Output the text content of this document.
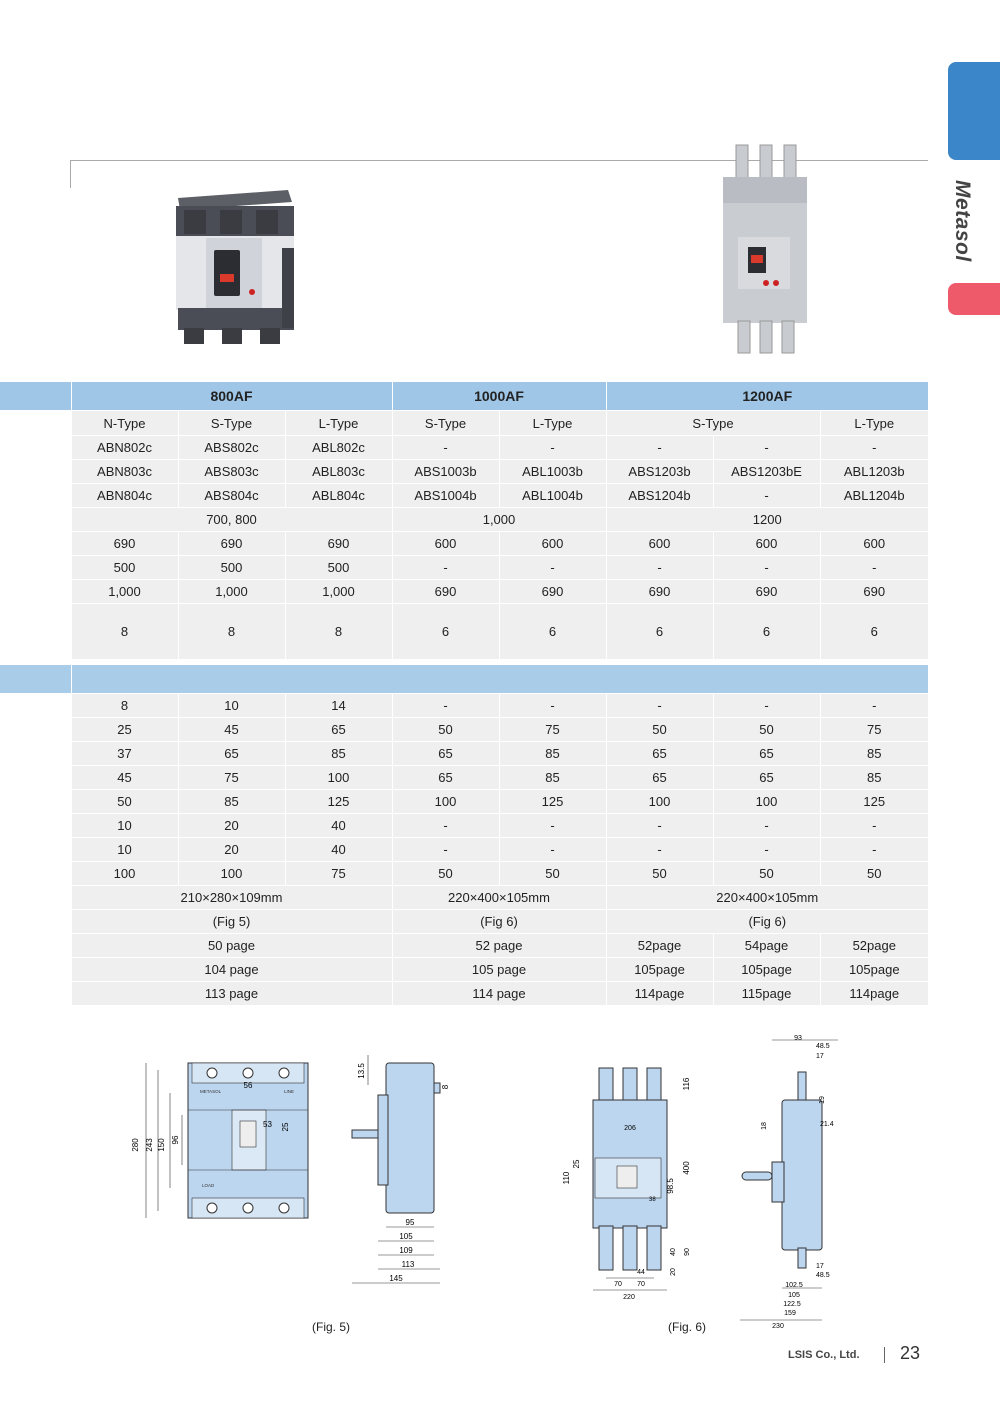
Metasol
	800AF			1000AF		1200AF		
	N-Type	S-Type	L-Type	S-Type	L-Type	S-Type		L-Type
	ABN802c	ABS802c	ABL802c	-	-	-	-	-
	ABN803c	ABS803c	ABL803c	ABS1003b	ABL1003b	ABS1203b	ABS1203bE	ABL1203b
	ABN804c	ABS804c	ABL804c	ABS1004b	ABL1004b	ABS1204b	-	ABL1204b
	700, 800			1,000		1200		
	690	690	690	600	600	600	600	600
	500	500	500	-	-	-	-	-
	1,000	1,000	1,000	690	690	690	690	690
	8	8	8	6	6	6	6	6

	8	10	14	-	-	-	-	-
	25	45	65	50	75	50	50	75
	37	65	85	65	85	65	65	85
	45	75	100	65	85	65	65	85
	50	85	125	100	125	100	100	125
	10	20	40	-	-	-	-	-
	10	20	40	-	-	-	-	-
	100	100	75	50	50	50	50	50
	210×280×109mm			220×400×105mm		220×400×105mm		
	(Fig 5)			(Fig 6)		(Fig 6)		
	50 page			52 page		52page	54page	52page
	104 page			105 page		105page	105page	105page
	113 page			114 page		114page	115page	114page
METASOL	LINE
LOAD
280 243 150 96
56
53 25
13.5
8
95
105
109
113
145
(Fig. 5)
116
206
400
110
25
98.5
40 90
20
44
70 70
220
38
93
48.5
17
19
21.4
18
17
48.5
102.5
105
122.5
159
230
(Fig. 6)
LSIS Co., Ltd. 23
